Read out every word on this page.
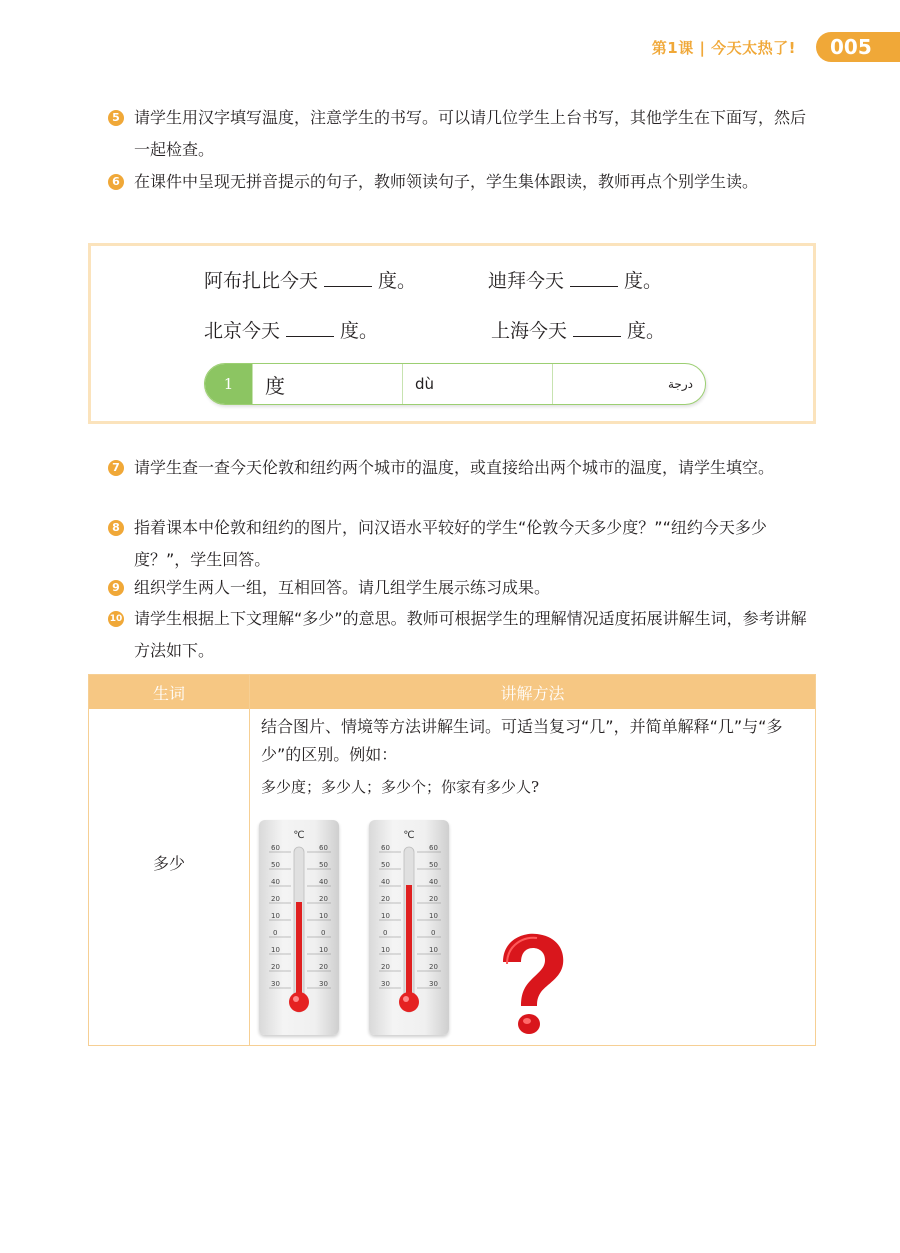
第1课 | 今天太热了!	005
5 请学生用汉字填写温度，注意学生的书写。可以请几位学生上台书写，其他学生在下面写，然后一起检查。
6 在课件中呈现无拼音提示的句子，教师领读句子，学生集体跟读，教师再点个别学生读。
阿布扎比今天	度。	迪拜今天	度。
北京今天	度。	上海今天	度。
1	度	dù	درجة
7 请学生查一查今天伦敦和纽约两个城市的温度，或直接给出两个城市的温度，请学生填空。
8 指着课本中伦敦和纽约的图片，问汉语水平较好的学生“伦敦今天多少度？”“纽约今天多少度？”，学生回答。
9 组织学生两人一组，互相回答。请几组学生展示练习成果。
10 请学生根据上下文理解“多少”的意思。教师可根据学生的理解情况适度拓展讲解生词，参考讲解方法如下。
生词	讲解方法
多少
结合图片、情境等方法讲解生词。可适当复习“几”，并简单解释“几”与“多少”的区别。例如：
多少度；多少人；多少个；你家有多少人?
℃
60	60
50	50
40	40
20	20
10	10
0	0
10	10
20	20
30	30
℃
60	60
50	50
40	40
20	20
10	10
0	0
10	10
20	20
30	30
